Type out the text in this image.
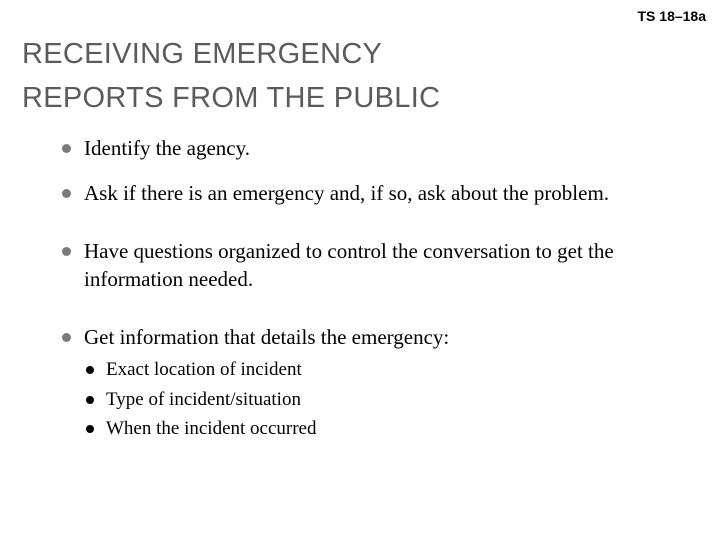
TS 18–18a
RECEIVING EMERGENCY
REPORTS FROM THE PUBLIC
Identify the agency.
Ask if there is an emergency and, if so, ask about the problem.
Have questions organized to control the conversation to get the information needed.
Get information that details the emergency:
Exact location of incident
Type of incident/situation
When the incident occurred
